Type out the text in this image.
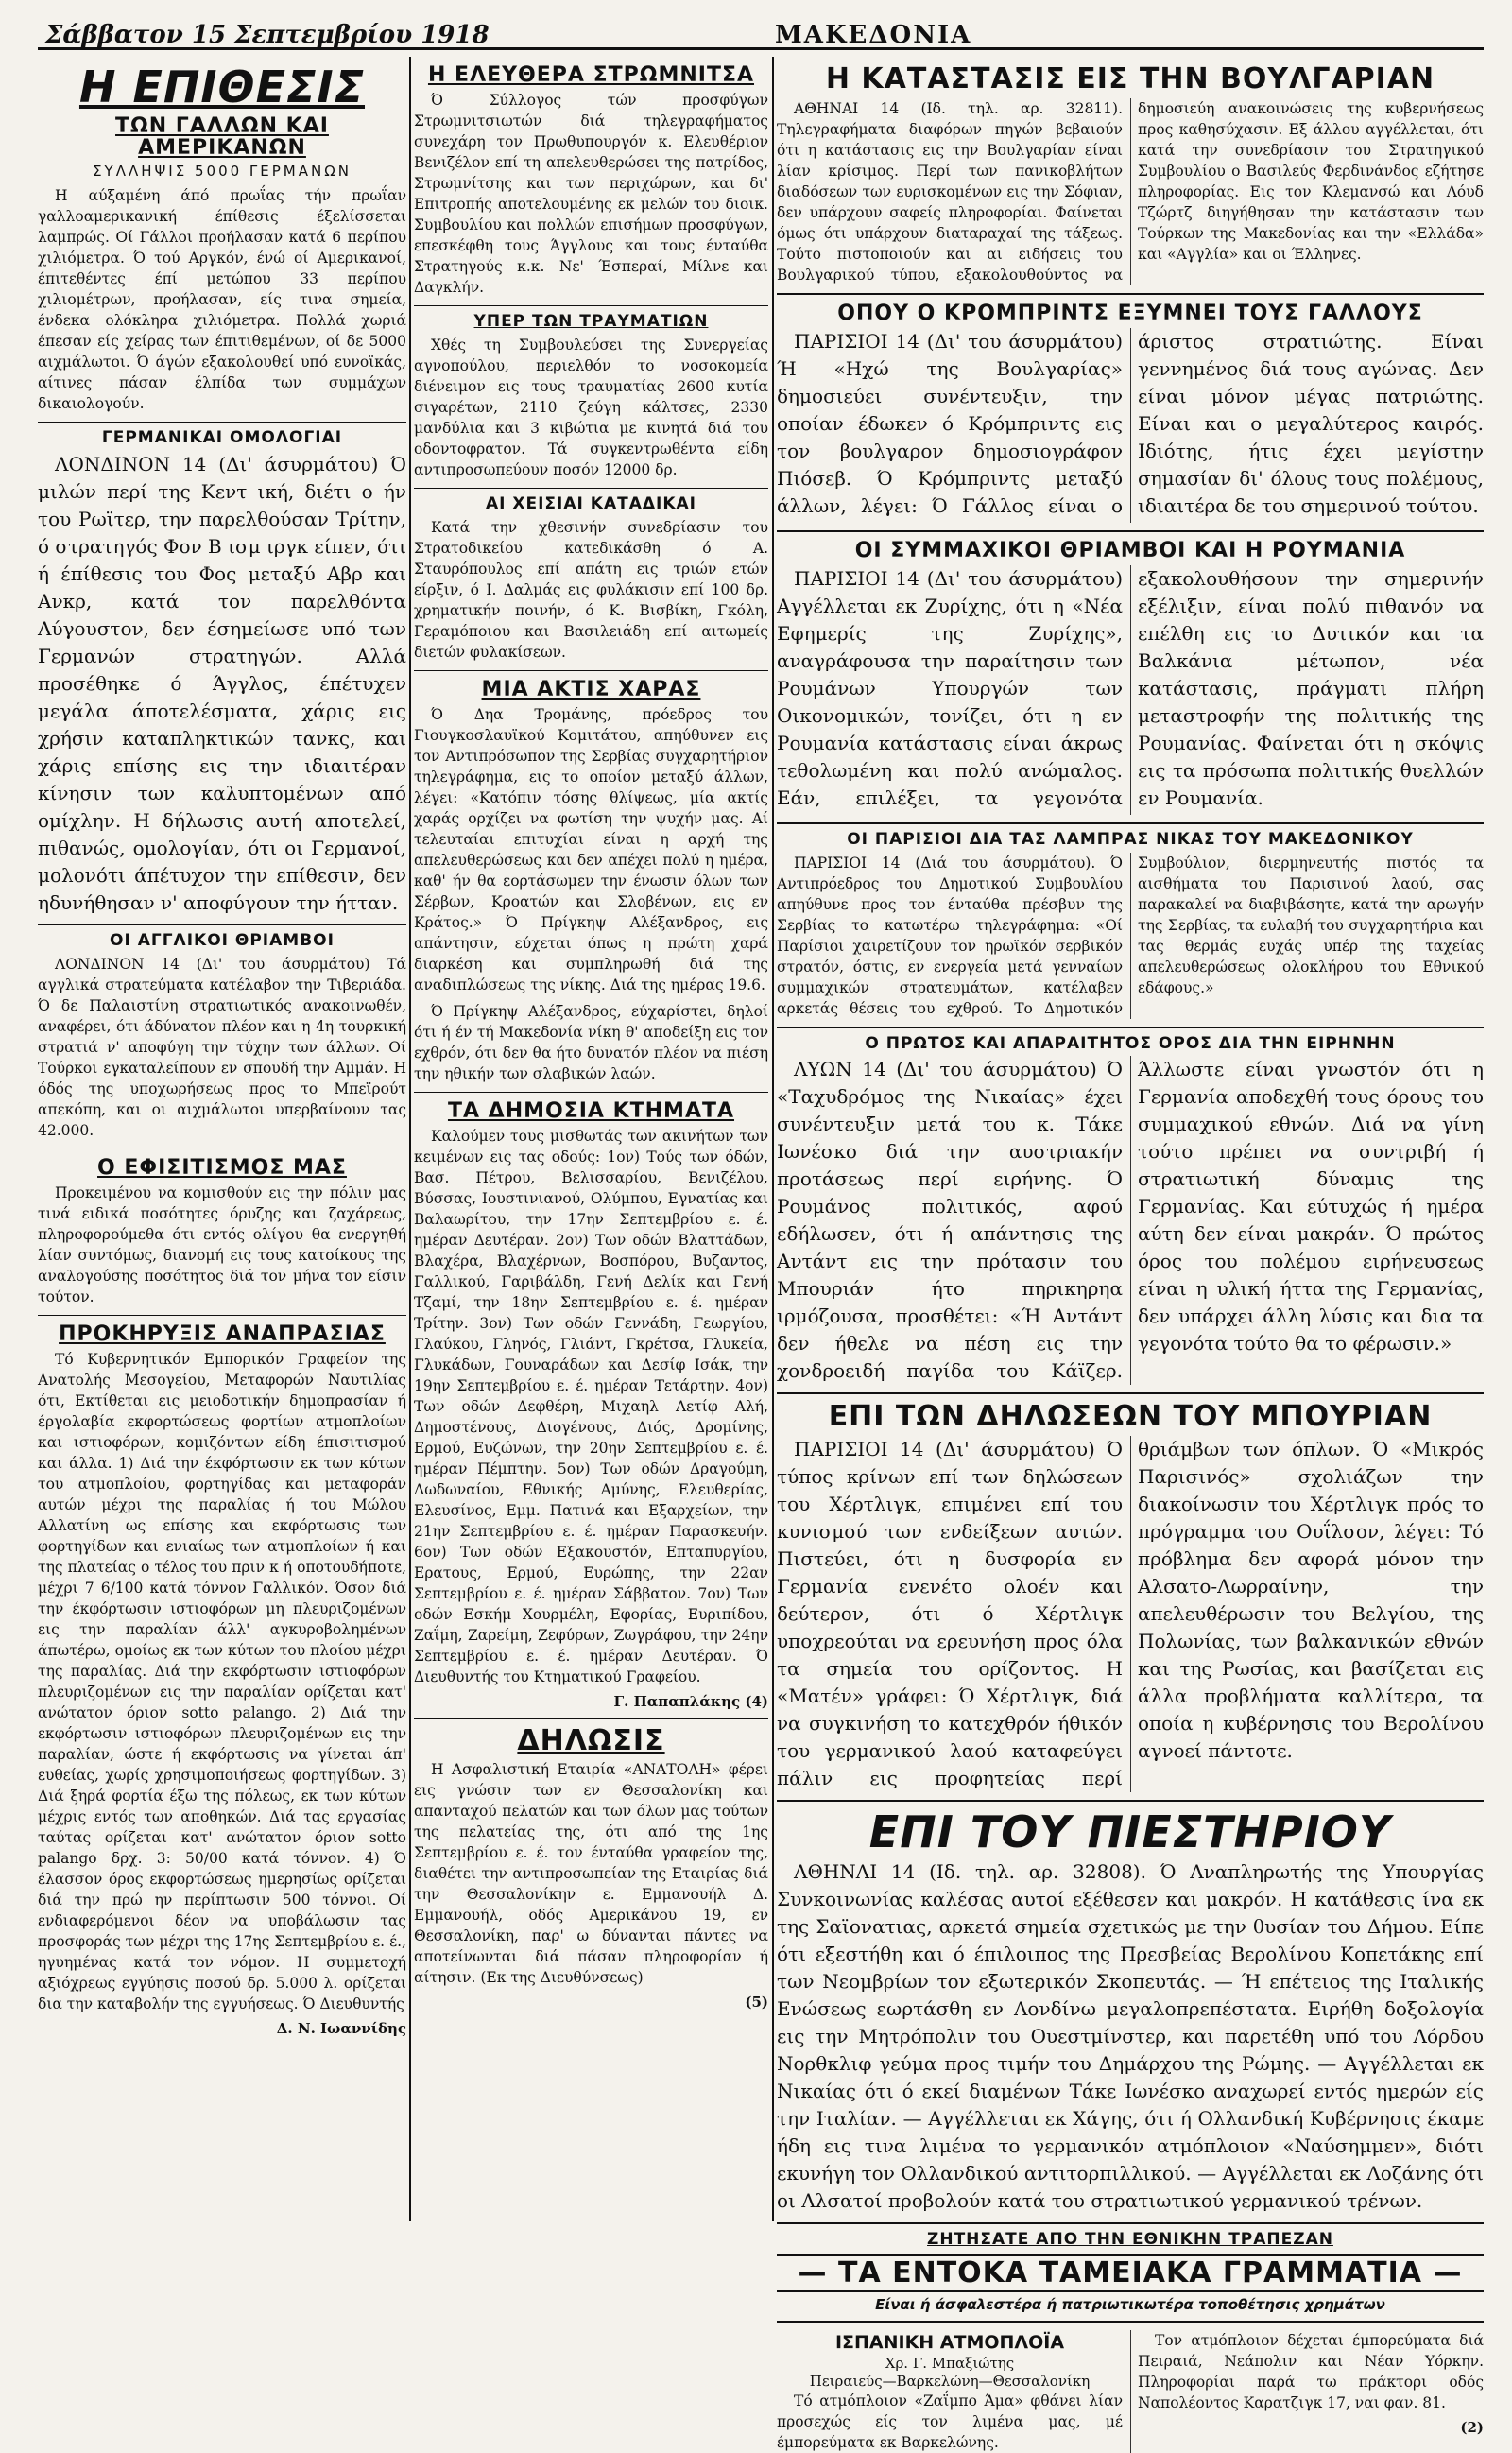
Σάββατον 15 Σεπτεμβρίου 1918	ΜΑΚΕΔΟΝΙΑ
Η ΕΠΙΘΕΣΙΣ
ΤΩΝ ΓΑΛΛΩΝ ΚΑΙ ΑΜΕΡΙΚΑΝΩΝ
ΣΥΛΛΗΨΙΣ 5000 ΓΕΡΜΑΝΩΝ

Η αύξαμένη άπό πρωΐας τήν πρωΐαν γαλλοαμερικανική έπίθεσις έξελίσσεται λαμπρώς. Οί Γάλλοι προήλασαν κατά 6 περίπου χιλιόμετρα. Ό τού Αργκόν, ένώ οί Αμερικανοί, έπιτεθέντες έπί μετώπου 33 περίπου χιλιομέτρων, προήλασαν, είς τινα σημεία, ένδεκα ολόκληρα χιλιόμετρα. Πολλά χωριά έπεσαν είς χείρας των έπιτιθεμένων, οί δε 5000 αιχμάλωτοι. Ό άγών εξακολουθεί υπό ευνοϊκάς, αίτινες πάσαν έλπίδα των συμμάχων δικαιολογούν.

ΓΕΡΜΑΝΙΚΑΙ ΟΜΟΛΟΓΙΑΙ

ΛΟΝΔΙΝΟΝ 14 (Δι' άσυρμάτου) Ό μιλών περί της Κεντ ική, διέτι ο ήν του Ρωϊτερ, την παρελθούσαν Τρίτην, ό στρατηγός Φον Β ισμ ιργκ είπεν, ότι ή έπίθεσις του Φος μεταξύ Αβρ και Ανκρ, κατά τον παρελθόντα Αύγουστον, δεν έσημείωσε υπό των Γερμανών στρατηγών. Αλλά προσέθηκε ό Άγγλος, έπέτυχεν μεγάλα άποτελέσματα, χάρις εις χρήσιν καταπληκτικών τανκς, και χάρις επίσης εις την ιδιαιτέραν κίνησιν των καλυπτομένων από ομίχλην. Η δήλωσις αυτή αποτελεί, πιθανώς, ομολογίαν, ότι οι Γερμανοί, μολονότι άπέτυχον την επίθεσιν, δεν ηδυνήθησαν ν' αποφύγουν την ήτταν.

ΟΙ ΑΓΓΛΙΚΟΙ ΘΡΙΑΜΒΟΙ

ΛΟΝΔΙΝΟΝ 14 (Δι' του άσυρμάτου) Τά αγγλικά στρατεύματα κατέλαβον την Τιβεριάδα. Ό δε Παλαιστίνη στρατιωτικός ανακοινωθέν, αναφέρει, ότι άδύνατον πλέον και η 4η τουρκική στρατιά ν' αποφύγη την τύχην των άλλων. Οί Τούρκοι εγκαταλείπουν εν σπουδή την Αμμάν. Η όδός της υποχωρήσεως προς το Μπεϊρούτ απεκόπη, και οι αιχμάλωτοι υπερβαίνουν τας 42.000.

Ο ΕΦΙΣΙΤΙΣΜΟΣ ΜΑΣ

Προκειμένου να κομισθούν εις την πόλιν μας τινά ειδικά ποσότητες όρυζης και ζαχάρεως, πληροφορούμεθα ότι εντός ολίγου θα ενεργηθή λίαν συντόμως, διανομή εις τους κατοίκους της αναλογούσης ποσότητος διά τον μήνα τον είσιν τούτον.

ΠΡΟΚΗΡΥΞΙΣ ΑΝΑΠΡΑΣΙΑΣ

Τό Κυβερνητικόν Εμπορικόν Γραφείον της Ανατολής Μεσογείου, Μεταφορών Ναυτιλίας ότι, Εκτίθεται εις μειοδοτικήν δημοπρασίαν ή έργολαβία εκφορτώσεως φορτίων ατμοπλοίων και ιστιοφόρων, κομιζόντων είδη έπισιτισμού και άλλα. 1) Διά την έκφόρτωσιν εκ των κύτων του ατμοπλοίου, φορτηγίδας και μεταφοράν αυτών μέχρι της παραλίας ή του Μώλου Αλλατίνη ως επίσης και εκφόρτωσις των φορτηγίδων και ενιαίως των ατμοπλοίων ή και της πλατείας ο τέλος του πριν κ ή οποτουδήποτε, μέχρι 7 6/100 κατά τόννον Γαλλικόν. Όσον διά την έκφόρτωσιν ιστιοφόρων μη πλευριζομένων εις την παραλίαν άλλ' αγκυροβολημένων άπωτέρω, ομοίως εκ των κύτων του πλοίου μέχρι της παραλίας. Διά την εκφόρτωσιν ιστιοφόρων πλευριζομένων εις την παραλίαν ορίζεται κατ' ανώτατον όριον sotto palango. 2) Διά την εκφόρτωσιν ιστιοφόρων πλευριζομένων εις την παραλίαν, ώστε ή εκφόρτωσις να γίνεται άπ' ευθείας, χωρίς χρησιμοποιήσεως φορτηγίδων. 3) Διά ξηρά φορτία έξω της πόλεως, εκ των κύτων μέχρις εντός των αποθηκών. Διά τας εργασίας ταύτας ορίζεται κατ' ανώτατον όριον sotto palango δρχ. 3: 50/00 κατά τόννον. 4) Ό έλασσον όρος εκφορτώσεως ημερησίως ορίζεται διά την πρώ ην περίπτωσιν 500 τόννοι. Οί ενδιαφερόμενοι δέον να υποβάλωσιν τας προσφοράς των μέχρι της 17ης Σεπτεμβρίου ε. έ., ηγυημένας κατά τον νόμον. Η συμμετοχή αξιόχρεως εγγύησις ποσού δρ. 5.000 λ. ορίζεται δια την καταβολήν της εγγυήσεως. Ό Διευθυντής

Δ. Ν. Ιωαννίδης

Η ΕΛΕΥΘΕΡΑ ΣΤΡΩΜΝΙΤΣΑ

Ό Σύλλογος τών προσφύγων Στρωμνιτσιωτών διά τηλεγραφήματος συνεχάρη τον Πρωθυπουργόν κ. Ελευθέριον Βενιζέλον επί τη απελευθερώσει της πατρίδος, Στρωμνίτσης και των περιχώρων, και δι' Επιτροπής αποτελουμένης εκ μελών του διοικ. Συμβουλίου και πολλών επισήμων προσφύγων, επεσκέφθη τους Άγγλους και τους ένταύθα Στρατηγούς κ.κ. Νε' Έσπεραί, Μίλνε και Δαγκλήν.

ΥΠΕΡ ΤΩΝ ΤΡΑΥΜΑΤΙΩΝ

Χθές τη Συμβουλεύσει της Συνεργείας αγνοπούλου, περιελθόν το νοσοκομεία διένειμον εις τους τραυματίας 2600 κυτία σιγαρέτων, 2110 ζεύγη κάλτσες, 2330 μανδύλια και 3 κιβώτια με κινητά διά του οδοντοφρατον. Τά συγκεντρωθέντα είδη αντιπροσωπεύουν ποσόν 12000 δρ.

ΑΙ ΧΕΙΣΙΑΙ ΚΑΤΑΔΙΚΑΙ

Κατά την χθεσινήν συνεδρίασιν του Στρατοδικείου κατεδικάσθη ό Α. Σταυρόπουλος επί απάτη εις τριών ετών είρξιν, ό Ι. Δαλμάς εις φυλάκισιν επί 100 δρ. χρηματικήν ποινήν, ό Κ. Βισβίκη, Γκόλη, Γεραμόποιου και Βασιλειάδη επί αιτωμείς διετών φυλακίσεων.

ΜΙΑ ΑΚΤΙΣ ΧΑΡΑΣ

Ό Δηα Τρομάνης, πρόεδρος του Γιουγκοσλαυϊκού Κομιτάτου, απηύθυνεν εις τον Αντιπρόσωπον της Σερβίας συγχαρητήριον τηλεγράφημα, εις το οποίον μεταξύ άλλων, λέγει: «Κατόπιν τόσης θλίψεως, μία ακτίς χαράς ορχίζει να φωτίση την ψυχήν μας. Αί τελευταίαι επιτυχίαι είναι η αρχή της απελευθερώσεως και δεν απέχει πολύ η ημέρα, καθ' ήν θα εορτάσωμεν την ένωσιν όλων των Σέρβων, Κροατών και Σλοβένων, εις εν Κράτος.» Ό Πρίγκηψ Αλέξανδρος, εις απάντησιν, εύχεται όπως η πρώτη χαρά διαρκέση και συμπληρωθή διά της αναδιπλώσεως της νίκης. Διά της ημέρας 19.6.

Ό Πρίγκηψ Αλέξανδρος, εύχαρίστει, δηλοί ότι ή έν τή Μακεδονία νίκη θ' αποδείξη εις τον εχθρόν, ότι δεν θα ήτο δυνατόν πλέον να πιέση την ηθικήν των σλαβικών λαών.

ΤΑ ΔΗΜΟΣΙΑ ΚΤΗΜΑΤΑ

Καλούμεν τους μισθωτάς των ακινήτων των κειμένων εις τας οδούς: 1ον) Τούς των όδών, Βασ. Πέτρου, Βελισσαρίου, Βενιζέλου, Βύσσας, Ιουστινιανού, Ολύμπου, Εγνατίας και Βαλαωρίτου, την 17ην Σεπτεμβρίου ε. έ. ημέραν Δευτέραν. 2ον) Των οδών Βλαττάδων, Βλαχέρα, Βλαχέρνων, Βοσπόρου, Βυζαντος, Γαλλικού, Γαριβάλδη, Γενή Δελίκ και Γενή Τζαμί, την 18ην Σεπτεμβρίου ε. έ. ημέραν Τρίτην. 3ον) Των οδών Γεννάδη, Γεωργίου, Γλαύκου, Γληνός, Γλιάντ, Γκρέτσα, Γλυκεία, Γλυκάδων, Γουναράδων και Δεσίφ Ισάκ, την 19ην Σεπτεμβρίου ε. έ. ημέραν Τετάρτην. 4ον) Των οδών Δεφθέρη, Μιχαηλ Λετίφ Αλή, Δημοστένους, Διογένους, Διός, Δρομίνης, Ερμού, Ευζώνων, την 20ην Σεπτεμβρίου ε. έ. ημέραν Πέμπτην. 5ον) Των οδών Δραγούμη, Δωδωναίου, Εθνικής Αμύνης, Ελευθερίας, Ελευσίνος, Εμμ. Πατινά και Εξαρχείων, την 21ην Σεπτεμβρίου ε. έ. ημέραν Παρασκευήν. 6ον) Των οδών Εξακουστόν, Επταπυργίου, Ερατους, Ερμού, Ευρώπης, την 22αν Σεπτεμβρίου ε. έ. ημέραν Σάββατον. 7ον) Των οδών Εσκήμ Χουρμέλη, Εφορίας, Ευριπίδου, Ζαΐμη, Ζαρείμη, Ζεφύρων, Ζωγράφου, την 24ην Σεπτεμβρίου ε. έ. ημέραν Δευτέραν. Ό Διευθυντής του Κτηματικού Γραφείου.

Γ. Παπαπλάκης (4)

ΔΗΛΩΣΙΣ

Η Ασφαλιστική Εταιρία «ΑΝΑΤΟΛΗ» φέρει εις γνώσιν των εν Θεσσαλονίκη και απανταχού πελατών και των όλων μας τούτων της πελατείας της, ότι από της 1ης Σεπτεμβρίου ε. έ. τον ένταύθα γραφείον της, διαθέτει την αντιπροσωπείαν της Εταιρίας διά την Θεσσαλονίκην ε. Εμμανουήλ Δ. Εμμανουήλ, οδός Αμερικάνου 19, εν Θεσσαλονίκη, παρ' ω δύνανται πάντες να αποτείνωνται διά πάσαν πληροφορίαν ή αίτησιν. (Εκ της Διευθύνσεως)

(5)

Η ΚΑΤΑΣΤΑΣΙΣ ΕΙΣ ΤΗΝ ΒΟΥΛΓΑΡΙΑΝ

ΑΘΗΝΑΙ 14 (Ιδ. τηλ. αρ. 32811). Τηλεγραφήματα διαφόρων πηγών βεβαιούν ότι η κατάστασις εις την Βουλγαρίαν είναι λίαν κρίσιμος. Περί των πανικοβλήτων διαδόσεων των ευρισκομένων εις την Σόφιαν, δεν υπάρχουν σαφείς πληροφορίαι. Φαίνεται όμως ότι υπάρχουν διαταραχαί της τάξεως. Τούτο πιστοποιούν και αι ειδήσεις του Βουλγαρικού τύπου, εξακολουθούντος να δημοσιεύη ανακοινώσεις της κυβερνήσεως προς καθησύχασιν. Εξ άλλου αγγέλλεται, ότι κατά την συνεδρίασιν του Στρατηγικού Συμβουλίου ο Βασιλεύς Φερδινάνδος εζήτησε πληροφορίας. Εις τον Κλεμανσώ και Λόυδ Τζώρτζ διηγήθησαν την κατάστασιν των Τούρκων της Μακεδονίας και την «Ελλάδα» και «Αγγλία» και οι Έλληνες.

ΟΠΟΥ Ο ΚΡΟΜΠΡΙΝΤΣ ΕΞΥΜΝΕΙ ΤΟΥΣ ΓΑΛΛΟΥΣ

ΠΑΡΙΣΙΟΙ 14 (Δι' του άσυρμάτου) Ή «Ηχώ της Βουλγαρίας» δημοσιεύει συνέντευξιν, την οποίαν έδωκεν ό Κρόμπριντς εις τον βουλγαρον δημοσιογράφον Πιόσεβ. Ό Κρόμπριντς μεταξύ άλλων, λέγει: Ό Γάλλος είναι ο άριστος στρατιώτης. Είναι γεννημένος διά τους αγώνας. Δεν είναι μόνον μέγας πατριώτης. Είναι και ο μεγαλύτερος καιρός. Ιδιότης, ήτις έχει μεγίστην σημασίαν δι' όλους τους πολέμους, ιδιαιτέρα δε του σημερινού τούτου.

ΟΙ ΣΥΜΜΑΧΙΚΟΙ ΘΡΙΑΜΒΟΙ ΚΑΙ Η ΡΟΥΜΑΝΙΑ

ΠΑΡΙΣΙΟΙ 14 (Δι' του άσυρμάτου) Αγγέλλεται εκ Ζυρίχης, ότι η «Νέα Εφημερίς της Ζυρίχης», αναγράφουσα την παραίτησιν των Ρουμάνων Υπουργών των Οικονομικών, τονίζει, ότι η εν Ρουμανία κατάστασις είναι άκρως τεθολωμένη και πολύ ανώμαλος. Εάν, επιλέξει, τα γεγονότα εξακολουθήσουν την σημερινήν εξέλιξιν, είναι πολύ πιθανόν να επέλθη εις το Δυτικόν και τα Βαλκάνια μέτωπον, νέα κατάστασις, πράγματι πλήρη μεταστροφήν της πολιτικής της Ρουμανίας. Φαίνεται ότι η σκόψις εις τα πρόσωπα πολιτικής θυελλών εν Ρουμανία.

ΟΙ ΠΑΡΙΣΙΟΙ ΔΙΑ ΤΑΣ ΛΑΜΠΡΑΣ ΝΙΚΑΣ ΤΟΥ ΜΑΚΕΔΟΝΙΚΟΥ

ΠΑΡΙΣΙΟΙ 14 (Διά του άσυρμάτου). Ό Αντιπρόεδρος του Δημοτικού Συμβουλίου απηύθυνε προς τον ένταύθα πρέσβυν της Σερβίας το κατωτέρω τηλεγράφημα: «Οί Παρίσιοι χαιρετίζουν τον ηρωϊκόν σερβικόν στρατόν, όστις, εν ενεργεία μετά γενναίων συμμαχικών στρατευμάτων, κατέλαβεν αρκετάς θέσεις του εχθρού. Το Δημοτικόν Συμβούλιον, διερμηνευτής πιστός τα αισθήματα του Παρισινού λαού, σας παρακαλεί να διαβιβάσητε, κατά την αρωγήν της Σερβίας, τα ευλαβή του συγχαρητήρια και τας θερμάς ευχάς υπέρ της ταχείας απελευθερώσεως ολοκλήρου του Εθνικού εδάφους.»

Ο ΠΡΩΤΟΣ ΚΑΙ ΑΠΑΡΑΙΤΗΤΟΣ ΟΡΟΣ ΔΙΑ ΤΗΝ ΕΙΡΗΝΗΝ

ΛΥΩΝ 14 (Δι' του άσυρμάτου) Ό «Ταχυδρόμος της Νικαίας» έχει συνέντευξιν μετά του κ. Τάκε Ιωνέσκο διά την αυστριακήν προτάσεως περί ειρήνης. Ό Ρουμάνος πολιτικός, αφού εδήλωσεν, ότι ή απάντησις της Αντάντ εις την πρότασιν του Μπουριάν ήτο πηρικηρηα ιρμόζουσα, προσθέτει: «Ή Αντάντ δεν ήθελε να πέση εις την χονδροειδή παγίδα του Κάϊζερ. Άλλωστε είναι γνωστόν ότι η Γερμανία αποδεχθή τους όρους του συμμαχικού εθνών. Διά να γίνη τούτο πρέπει να συντριβή ή στρατιωτική δύναμις της Γερμανίας. Και εύτυχώς ή ημέρα αύτη δεν είναι μακράν. Ό πρώτος όρος του πολέμου ειρήνευσεως είναι η υλική ήττα της Γερμανίας, δεν υπάρχει άλλη λύσις και δια τα γεγονότα τούτο θα το φέρωσιν.»

ΕΠΙ ΤΩΝ ΔΗΛΩΣΕΩΝ ΤΟΥ ΜΠΟΥΡΙΑΝ

ΠΑΡΙΣΙΟΙ 14 (Δι' άσυρμάτου) Ό τύπος κρίνων επί των δηλώσεων του Χέρτλιγκ, επιμένει επί του κυνισμού των ενδείξεων αυτών. Πιστεύει, ότι η δυσφορία εν Γερμανία ενενέτο ολοέν και δεύτερον, ότι ό Χέρτλιγκ υποχρεούται να ερευνήση προς όλα τα σημεία του ορίζοντος. Η «Ματέν» γράφει: Ό Χέρτλιγκ, διά να συγκινήση το κατεχθρόν ήθικόν του γερμανικού λαού καταφεύγει πάλιν εις προφητείας περί θριάμβων των όπλων. Ό «Μικρός Παρισινός» σχολιάζων την διακοίνωσιν του Χέρτλιγκ πρός το πρόγραμμα του Ουΐλσον, λέγει: Τό πρόβλημα δεν αφορά μόνον την Αλσατο-Λωρραίνην, την απελευθέρωσιν του Βελγίου, της Πολωνίας, των βαλκανικών εθνών και της Ρωσίας, και βασίζεται εις άλλα προβλήματα καλλίτερα, τα οποία η κυβέρνησις του Βερολίνου αγνοεί πάντοτε.

ΕΠΙ ΤΟΥ ΠΙΕΣΤΗΡΙΟΥ

ΑΘΗΝΑΙ 14 (Ιδ. τηλ. αρ. 32808). Ό Αναπληρωτής της Υπουργίας Συνκοινωνίας καλέσας αυτοί εξέθεσεν και μακρόν. Η κατάθεσις ίνα εκ της Σαϊονατιας, αρκετά σημεία σχετικώς με την θυσίαν του Δήμου. Είπε ότι εξεστήθη και ό έπιλοιπος της Πρεσβείας Βερολίνου Κοπετάκης επί των Νεομβρίων τον εξωτερικόν Σκοπευτάς. — Ή επέτειος της Ιταλικής Ενώσεως εωρτάσθη εν Λονδίνω μεγαλοπρεπέστατα. Ειρήθη δοξολογία εις την Μητρόπολιν του Ουεστμίνστερ, και παρετέθη υπό του Λόρδου Νορθκλιφ γεύμα προς τιμήν του Δημάρχου της Ρώμης. — Αγγέλλεται εκ Νικαίας ότι ό εκεί διαμένων Τάκε Ιωνέσκο αναχωρεί εντός ημερών είς την Ιταλίαν. — Αγγέλλεται εκ Χάγης, ότι ή Ολλανδική Κυβέρνησις έκαμε ήδη εις τινα λιμένα το γερμανικόν ατμόπλοιον «Ναύσημμεν», διότι εκυνήγη τον Ολλανδικού αντιτορπιλλικού. — Αγγέλλεται εκ Λοζάνης ότι οι Αλσατοί προβολούν κατά του στρατιωτικού γερμανικού τρένων.

ΖΗΤΗΣΑΤΕ ΑΠΟ ΤΗΝ ΕΘΝΙΚΗΝ ΤΡΑΠΕΖΑΝ
— ΤΑ ΕΝΤΟΚΑ ΤΑΜΕΙΑΚΑ ΓΡΑΜΜΑΤΙΑ —
Είναι ή άσφαλεστέρα ή πατριωτικωτέρα τοποθέτησις χρημάτων
ΙΣΠΑΝΙΚΗ ΑΤΜΟΠΛΟΪΑ
Χρ. Γ. Μπαξιώτης
Πειραιεύς—Βαρκελώνη—Θεσσαλονίκη

Τό ατμόπλοιον «Ζαΐμπο Άμα» φθάνει λίαν προσεχώς είς τον λιμένα μας, μέ έμπορεύματα εκ Βαρκελώνης.

Τον ατμόπλοιον δέχεται έμπορεύματα διά Πειραιά, Νεάπολιν και Νέαν Υόρκην. Πληροφορίαι παρά τω πράκτορι οδός Ναπολέοντος Καρατζιγκ 17, ναι φαν. 81.

(2)
